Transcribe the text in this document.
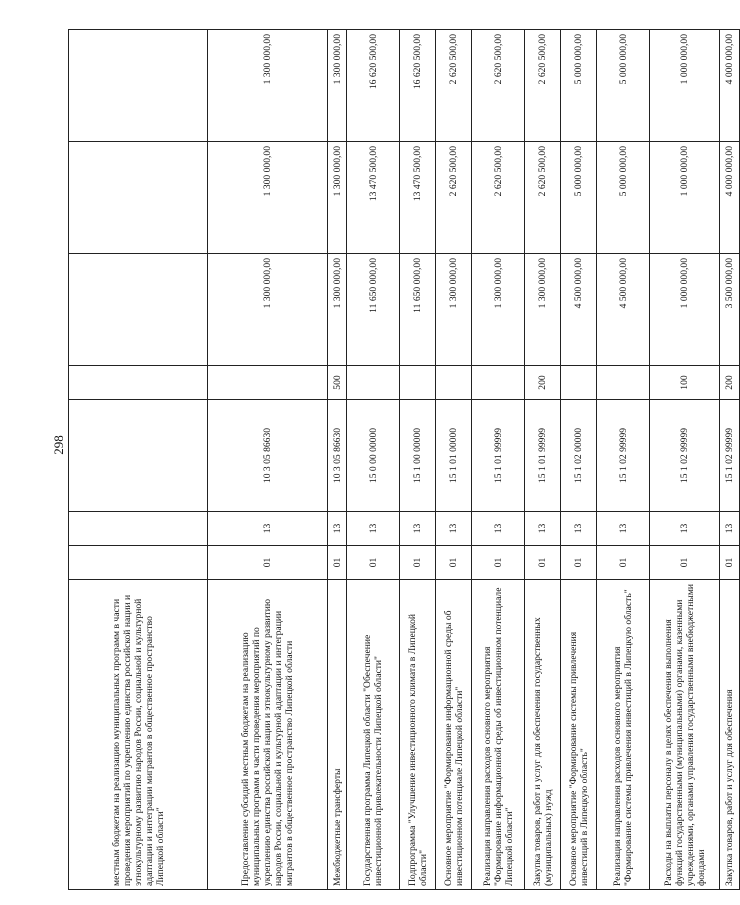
298
местным бюджетам на реализацию муниципальных программ в части проведения мероприятий по укреплению единства российской нации и этнокультурному развитию народов России, социальной и культурной адаптации и интеграции мигрантов в общественное пространство Липецкой области"							
Предоставление субсидий местным бюджетам на реализацию муниципальных программ в части проведения мероприятий по укреплению единства российской нации и этнокультурному развитию народов России, социальной и культурной адаптации и интеграции мигрантов в общественное пространство Липецкой области	01	13	10 3 05 86630		1 300 000,00	1 300 000,00	1 300 000,00
Межбюджетные трансферты	01	13	10 3 05 86630	500	1 300 000,00	1 300 000,00	1 300 000,00
Государственная программа Липецкой области "Обеспечение инвестиционной привлекательности Липецкой области"	01	13	15 0 00 00000		11 650 000,00	13 470 500,00	16 620 500,00
Подпрограмма "Улучшение инвестиционного климата в Липецкой области"	01	13	15 1 00 00000		11 650 000,00	13 470 500,00	16 620 500,00
Основное мероприятие "Формирование информационной среды об инвестиционном потенциале Липецкой области"	01	13	15 1 01 00000		1 300 000,00	2 620 500,00	2 620 500,00
Реализация направления расходов основного мероприятия "Формирование информационной среды об инвестиционном потенциале Липецкой области"	01	13	15 1 01 99999		1 300 000,00	2 620 500,00	2 620 500,00
Закупка товаров, работ и услуг для обеспечения государственных (муниципальных) нужд	01	13	15 1 01 99999	200	1 300 000,00	2 620 500,00	2 620 500,00
Основное мероприятие "Формирование системы привлечения инвестиций в Липецкую область"	01	13	15 1 02 00000		4 500 000,00	5 000 000,00	5 000 000,00
Реализация направления расходов основного мероприятия "Формирование системы привлечения инвестиций в Липецкую область"	01	13	15 1 02 99999		4 500 000,00	5 000 000,00	5 000 000,00
Расходы на выплаты персоналу в целях обеспечения выполнения функций государственными (муниципальными) органами, казенными учреждениями, органами управления государственными внебюджетными фондами	01	13	15 1 02 99999	100	1 000 000,00	1 000 000,00	1 000 000,00
Закупка товаров, работ и услуг для обеспечения	01	13	15 1 02 99999	200	3 500 000,00	4 000 000,00	4 000 000,00
